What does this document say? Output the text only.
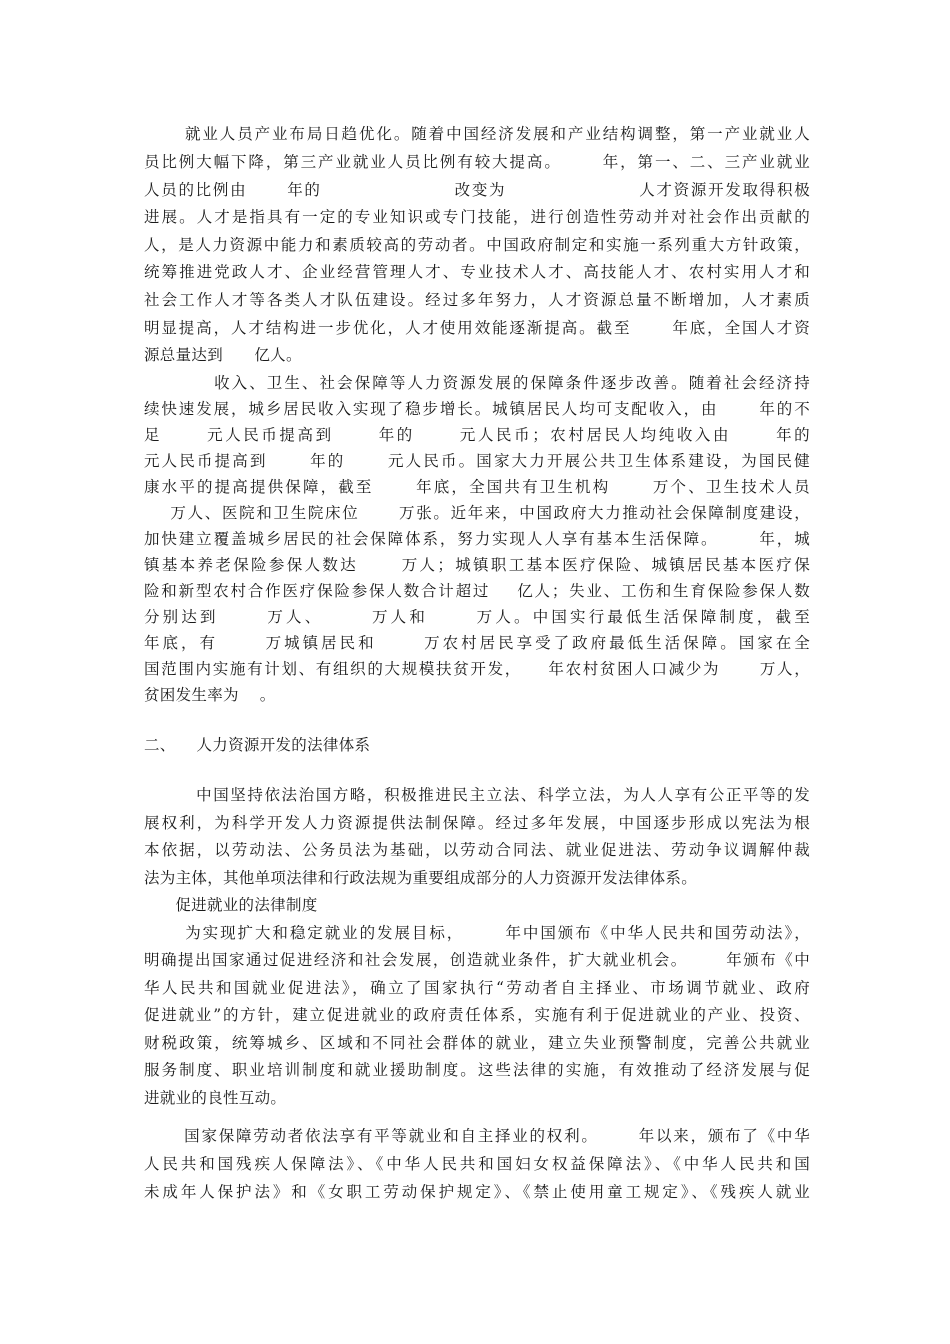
就业人员产业布局日趋优化。随着中国经济发展和产业结构调整，第一产业就业人
员比例大幅下降，第三产业就业人员比例有较大提高。      年，第一、二、三产业就业
人员的比例由      年的                    改变为                    人才资源开发取得积极
进展。人才是指具有一定的专业知识或专门技能，进行创造性劳动并对社会作出贡献的
人，是人力资源中能力和素质较高的劳动者。中国政府制定和实施一系列重大方针政策，
统筹推进党政人才、企业经营管理人才、专业技术人才、高技能人才、农村实用人才和
社会工作人才等各类人才队伍建设。经过多年努力，人才资源总量不断增加，人才素质
明显提高，人才结构进一步优化，人才使用效能逐渐提高。截至      年底，全国人才资
源总量达到      亿人。
收入、卫生、社会保障等人力资源发展的保障条件逐步改善。随着社会经济持
续快速发展，城乡居民收入实现了稳步增长。城镇居民人均可支配收入，由      年的不
足      元人民币提高到      年的      元人民币；农村居民人均纯收入由      年的
元人民币提高到      年的      元人民币。国家大力开展公共卫生体系建设，为国民健
康水平的提高提供保障，截至      年底，全国共有卫生机构      万个、卫生技术人员
万人、医院和卫生院床位      万张。近年来，中国政府大力推动社会保障制度建设，
加快建立覆盖城乡居民的社会保障体系，努力实现人人享有基本生活保障。      年，城
镇基本养老保险参保人数达      万人；城镇职工基本医疗保险、城镇居民基本医疗保
险和新型农村合作医疗保险参保人数合计超过    亿人；失业、工伤和生育保险参保人数
分别达到      万人、      万人和      万人。中国实行最低生活保障制度，截至
年底，有      万城镇居民和      万农村居民享受了政府最低生活保障。国家在全
国范围内实施有计划、有组织的大规模扶贫开发，    年农村贫困人口减少为      万人，
贫困发生率为    。
二、    人力资源开发的法律体系
中国坚持依法治国方略，积极推进民主立法、科学立法，为人人享有公正平等的发
展权利，为科学开发人力资源提供法制保障。经过多年发展，中国逐步形成以宪法为根
本依据，以劳动法、公务员法为基础，以劳动合同法、就业促进法、劳动争议调解仲裁
法为主体，其他单项法律和行政法规为重要组成部分的人力资源开发法律体系。
促进就业的法律制度
为实现扩大和稳定就业的发展目标，      年中国颁布《中华人民共和国劳动法》，
明确提出国家通过促进经济和社会发展，创造就业条件，扩大就业机会。      年颁布《中
华人民共和国就业促进法》，确立了国家执行“劳动者自主择业、市场调节就业、政府
促进就业”的方针，建立促进就业的政府责任体系，实施有利于促进就业的产业、投资、
财税政策，统筹城乡、区域和不同社会群体的就业，建立失业预警制度，完善公共就业
服务制度、职业培训制度和就业援助制度。这些法律的实施，有效推动了经济发展与促
进就业的良性互动。
国家保障劳动者依法享有平等就业和自主择业的权利。      年以来，颁布了《中华
人民共和国残疾人保障法》、《中华人民共和国妇女权益保障法》、《中华人民共和国
未成年人保护法》和《女职工劳动保护规定》、《禁止使用童工规定》、《残疾人就业
